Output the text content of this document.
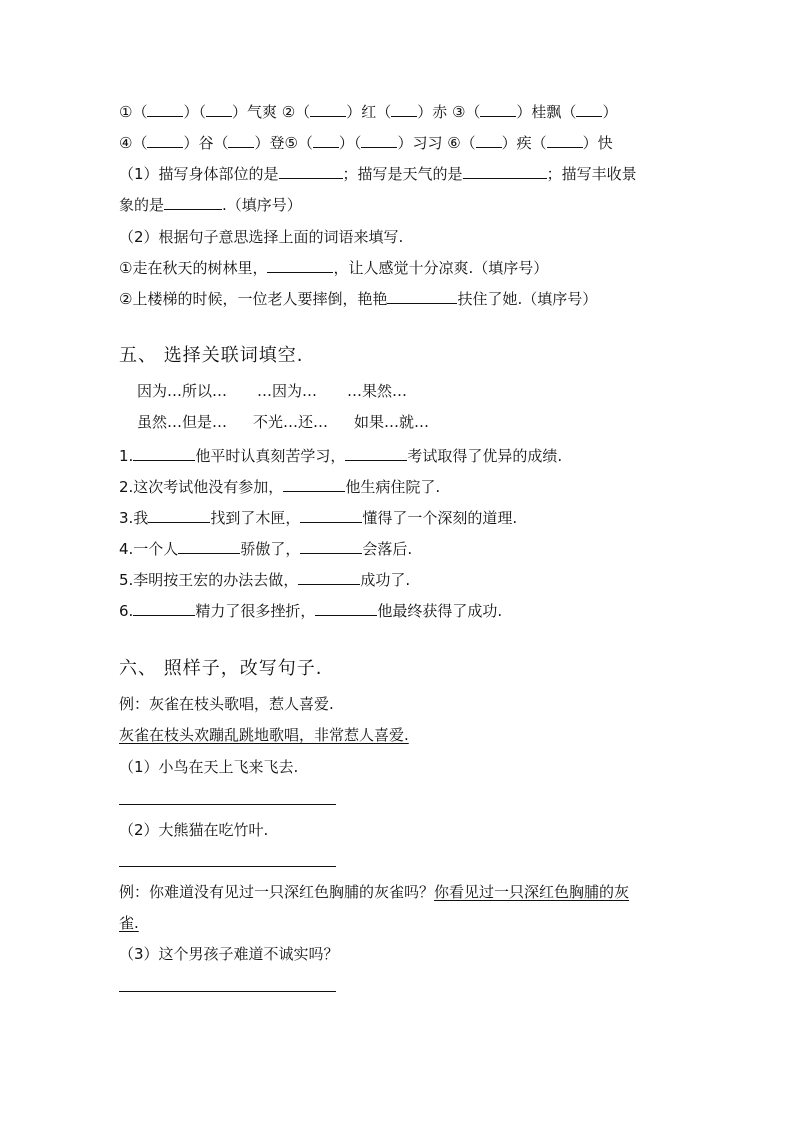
①（ ）（ ）气爽 ②（ ）红（ ）赤 ③（ ）桂飘（ ）
④（ ）谷（ ）登⑤（ ）（ ）习习 ⑥（ ）疾（ ）快
（1）描写身体部位的是	；描写是天气的是	；描写丰收景
象的是	.（填序号）
（2）根据句子意思选择上面的词语来填写.
①走在秋天的树林里，	，让人感觉十分凉爽.（填序号）
②上楼梯的时候，一位老人要摔倒，艳艳	扶住了她.（填序号）
五、 选择关联词填空.
因为…所以… …因为… …果然…
虽然…但是… 不光…还… 如果…就…
1.	他平时认真刻苦学习，	考试取得了优异的成绩.
2.这次考试他没有参加，	他生病住院了.
3.我	找到了木匣，	懂得了一个深刻的道理.
4.一个人	骄傲了，	会落后.
5.李明按王宏的办法去做，	成功了.
6.	精力了很多挫折，	他最终获得了成功.
六、 照样子，改写句子.
例：灰雀在枝头歌唱，惹人喜爱.
灰雀在枝头欢蹦乱跳地歌唱，非常惹人喜爱.
（1）小鸟在天上飞来飞去.
（2）大熊猫在吃竹叶.
例：你难道没有见过一只深红色胸脯的灰雀吗？你看见过一只深红色胸脯的灰
雀.
（3）这个男孩子难道不诚实吗？
